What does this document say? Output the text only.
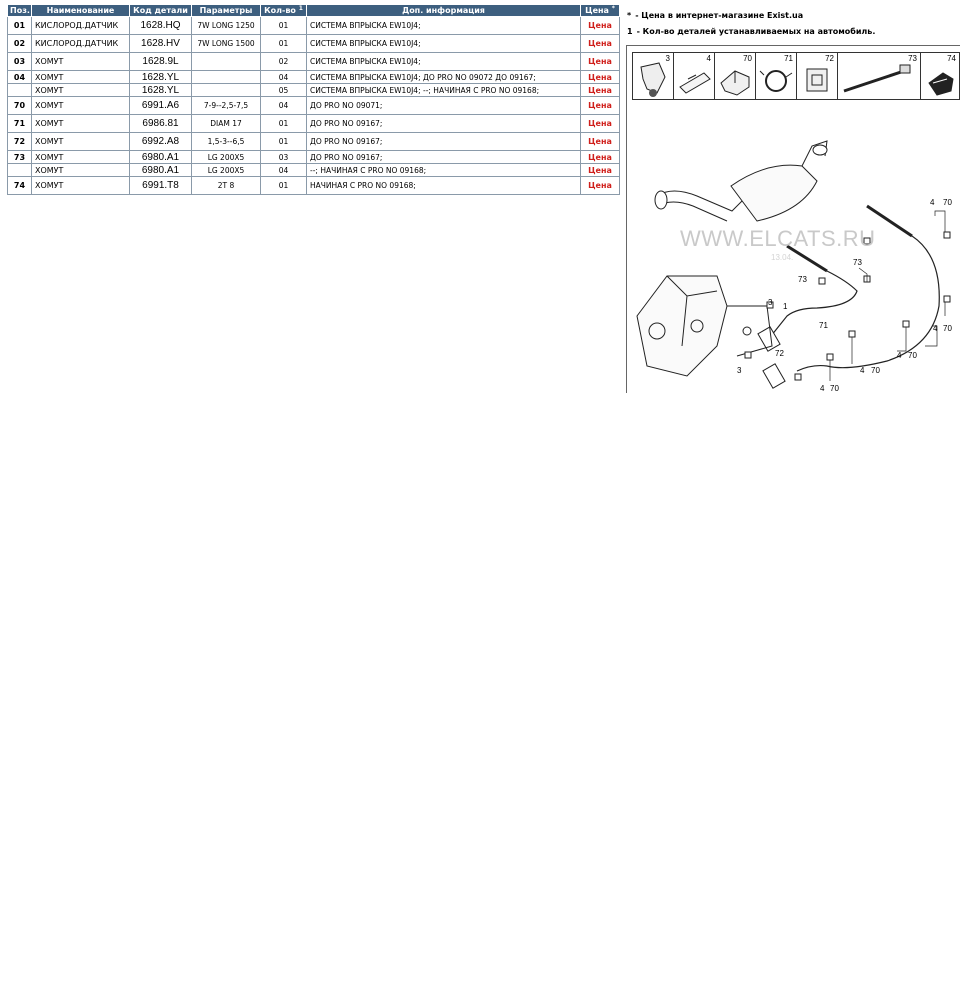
Поз.	Наименование	Код детали	Параметры	Кол-во $^1$	Доп. информация	Цена *
01	КИСЛОРОД.ДАТЧИК	1628.HQ	7W LONG 1250	01	СИСТЕМА ВПРЫСКА EW10J4;	Цена
02	КИСЛОРОД.ДАТЧИК	1628.HV	7W LONG 1500	01	СИСТЕМА ВПРЫСКА EW10J4;	Цена
03	ХОМУТ	1628.9L		02	СИСТЕМА ВПРЫСКА EW10J4;	Цена
04	ХОМУТ	1628.YL		04	СИСТЕМА ВПРЫСКА EW10J4; ДО PRO NO 09072 ДО 09167;	Цена
	ХОМУТ	1628.YL		05	СИСТЕМА ВПРЫСКА EW10J4; --; НАЧИНАЯ С PRO NO 09168;	Цена
70	ХОМУТ	6991.A6	7-9--2,5-7,5	04	ДО PRO NO 09071;	Цена
71	ХОМУТ	6986.81	DIAM 17	01	ДО PRO NO 09167;	Цена
72	ХОМУТ	6992.A8	1,5-3--6,5	01	ДО PRO NO 09167;	Цена
73	ХОМУТ	6980.A1	LG 200X5	03	ДО PRO NO 09167;	Цена
	ХОМУТ	6980.A1	LG 200X5	04	--; НАЧИНАЯ С PRO NO 09168;	Цена
74	ХОМУТ	6991.T8	2T 8	01	НАЧИНАЯ С PRO NO 09168;	Цена
* - Цена в интернет-магазине Exist.ua
1 - Кол-во деталей устанавливаемых на автомобиль.
3	4	70	71	72	73	74
WWW.ELCATS.RU
13.04.
4 70
73
73
1
3
71
72
3
4 70
4 70
4 70
4 70
